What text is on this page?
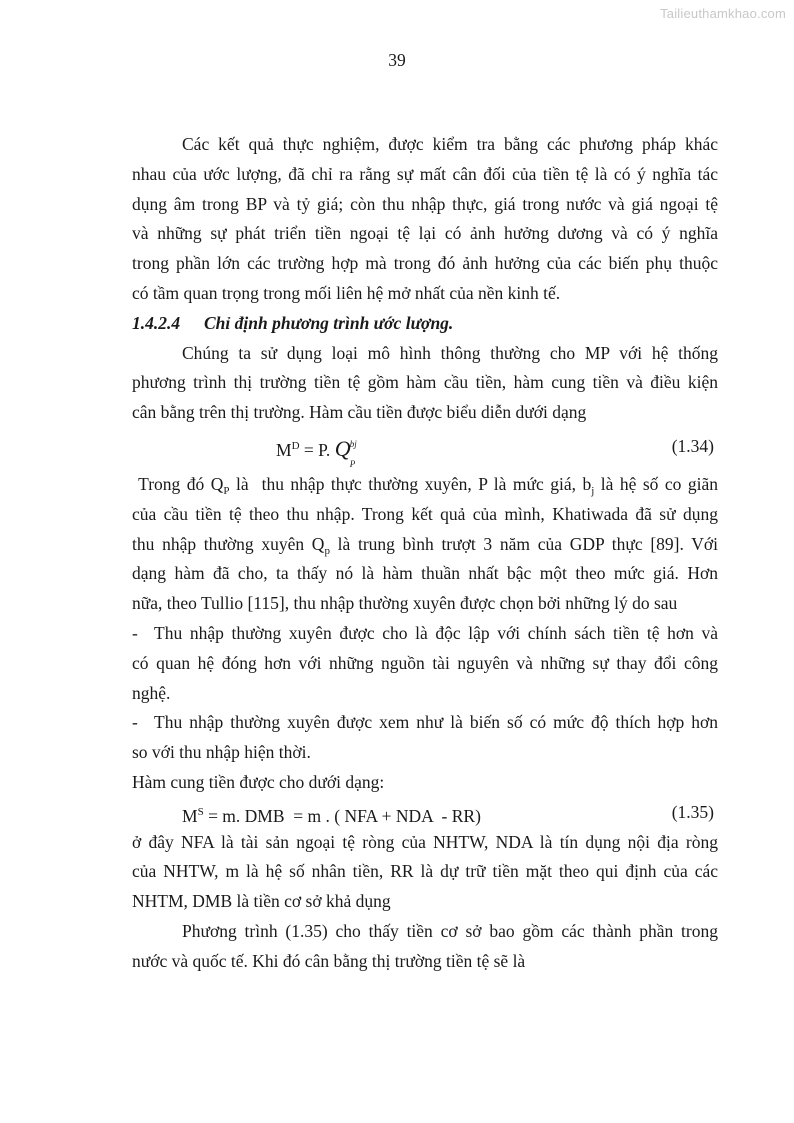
Tailieuthamkhao.com
39
Các kết quả thực nghiệm, được kiểm tra bằng các phương pháp khác
nhau của ước lượng, đã chỉ ra rằng sự mất cân đối của tiền tệ là có ý nghĩa tác
dụng âm trong BP và tỷ giá; còn thu nhập thực, giá trong nước và giá ngoại tệ
và những sự phát triển tiền ngoại tệ lại có ảnh hưởng dương và có ý nghĩa
trong phần lớn các trường hợp mà trong đó ảnh hưởng của các biến phụ thuộc
có tầm quan trọng trong mối liên hệ mở nhất của nền kinh tế.
1.4.2.4 Chỉ định phương trình ước lượng.
Chúng ta sử dụng loại mô hình thông thường cho MP với hệ thống
phương trình thị trường tiền tệ gồm hàm cầu tiền, hàm cung tiền và điều kiện
cân bằng trên thị trường. Hàm cầu tiền được biểu diễn dưới dạng
$M^D = P$. Q bj
P
(1.34)
Trong đó $Q_P$ là  thu nhập thực thường xuyên, P là mức giá, $b_j$ là hệ số co giãn
của cầu tiền tệ theo thu nhập. Trong kết quả của mình, Khatiwada đã sử dụng
thu nhập thường xuyên $Q_p$ là trung bình trượt 3 năm của GDP thực [89]. Với
dạng hàm đã cho, ta thấy nó là hàm thuần nhất bậc một theo mức giá. Hơn
nữa, theo Tullio [115], thu nhập thường xuyên được chọn bởi những lý do sau
- Thu nhập thường xuyên được cho là độc lập với chính sách tiền tệ hơn và
có quan hệ đóng hơn với những nguồn tài nguyên và những sự thay đổi công
nghệ.
- Thu nhập thường xuyên được xem như là biến số có mức độ thích hợp hơn
so với thu nhập hiện thời.
Hàm cung tiền được cho dưới dạng:
$M^S = m$. DMB  = m . ( NFA + NDA  - RR)	(1.35)
ở đây NFA là tài sản ngoại tệ ròng của NHTW, NDA là tín dụng nội địa ròng
của NHTW, m là hệ số nhân tiền, RR là dự trữ tiền mặt theo qui định của các
NHTM, DMB là tiền cơ sở khả dụng
Phương trình (1.35) cho thấy tiền cơ sở bao gồm các thành phần trong
nước và quốc tế. Khi đó cân bằng thị trường tiền tệ sẽ là
